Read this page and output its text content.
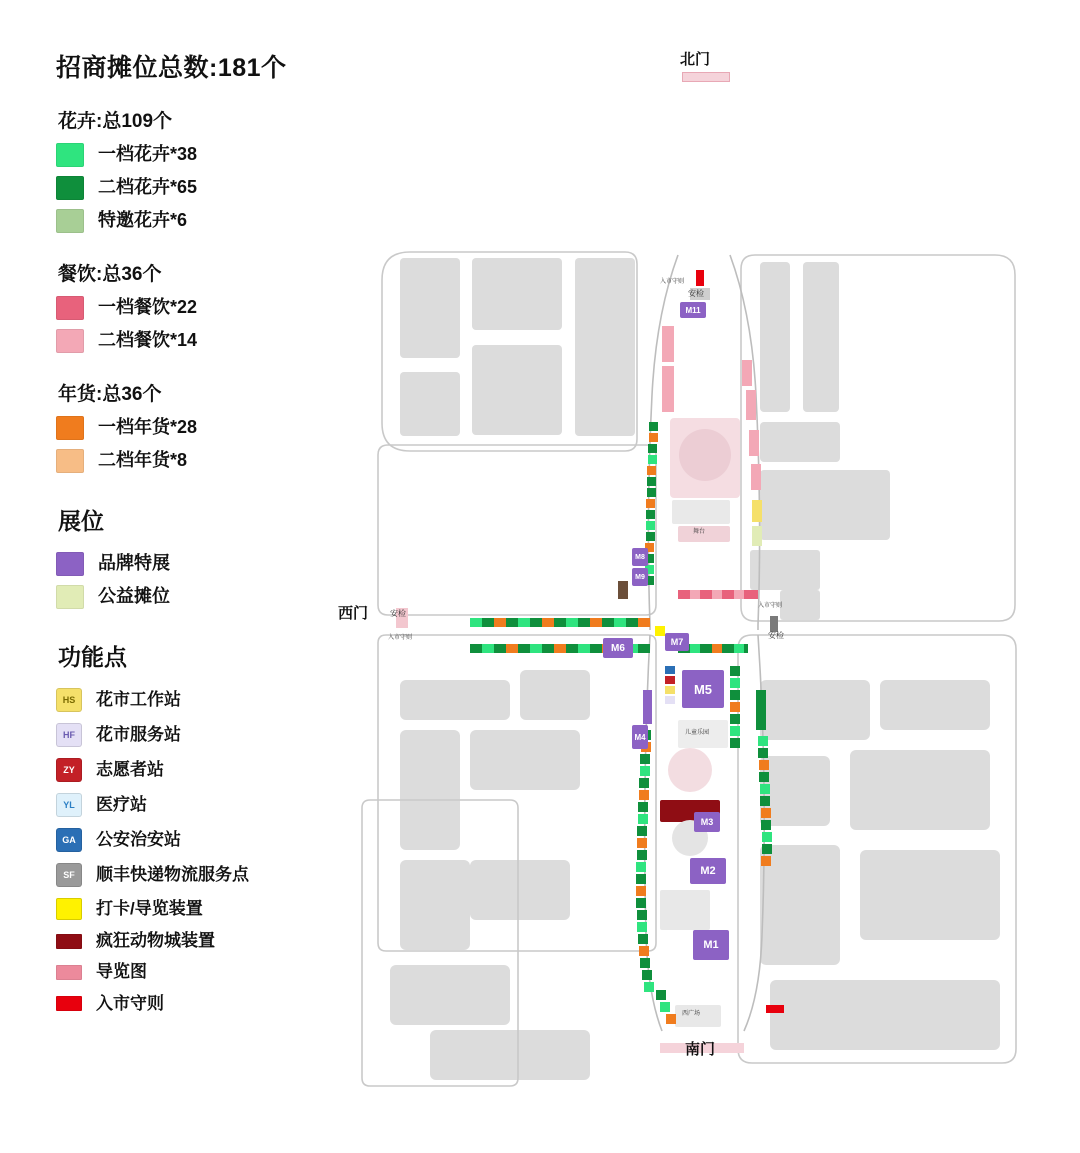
招商摊位总数:181个
花卉:总109个
一档花卉*38
二档花卉*65
特邀花卉*6
餐饮:总36个
一档餐饮*22
二档餐饮*14
年货:总36个
一档年货*28
二档年货*8
展位
品牌特展
公益摊位
功能点
HS	花市工作站
HF	花市服务站
ZY	志愿者站
YL	医疗站
GA	公安治安站
SF	顺丰快递物流服务点
打卡/导览装置
疯狂动物城装置
导览图
入市守则
北门
西门
南门
安检
入市守则
安检
入市守则
安检
入市守则
舞台
儿童乐园
西广场
M1
M2
M3
M4
M5
M6
M7
M8
M9
M11
